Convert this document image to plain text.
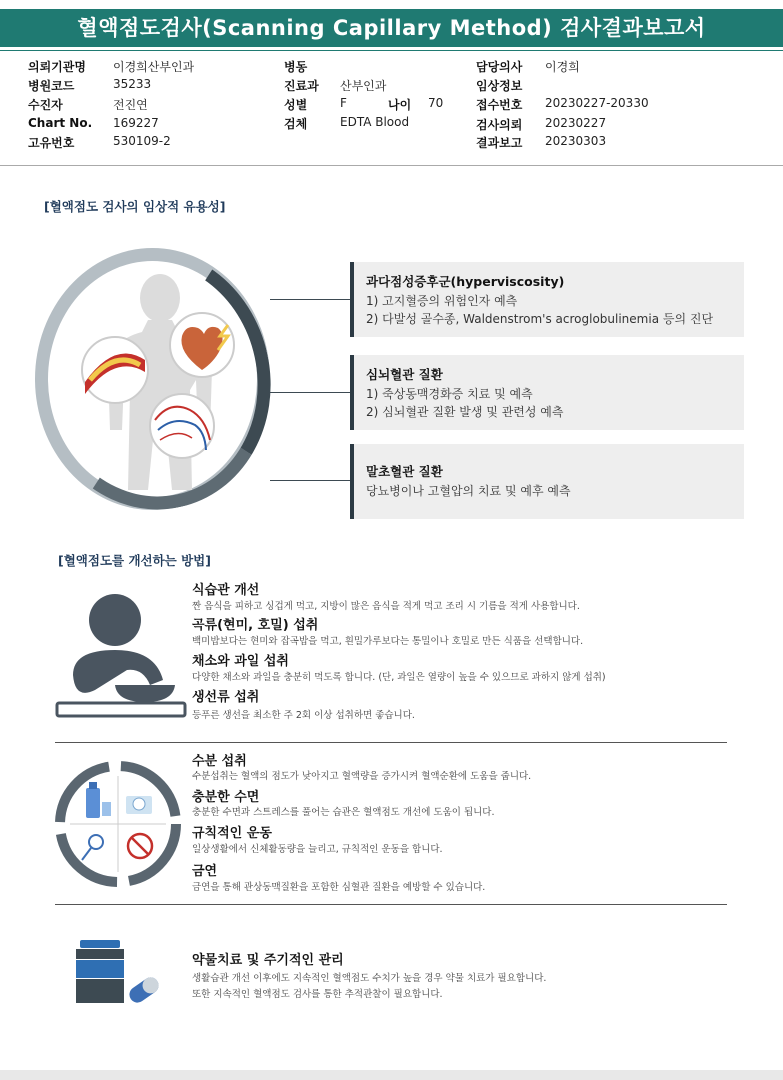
혈액점도검사(Scanning Capillary Method) 검사결과보고서
의뢰기관명 이경희산부인과
병원코드	35233
수진자	전진연
Chart No. 169227
고유번호	530109-2
병동
진료과 산부인과
성별	F	나이 70
검체	EDTA Blood
담당의사 이경희
임상정보
접수번호 20230227-20330
검사의뢰 20230227
결과보고 20230303
[혈액점도 검사의 임상적 유용성]
과다점성증후군(hyperviscosity)
1) 고지혈증의 위험인자 예측
2) 다발성 골수종, Waldenstrom's acroglobulinemia 등의 진단
심뇌혈관 질환
1) 죽상동맥경화증 치료 및 예측
2) 심뇌혈관 질환 발생 및 관련성 예측
말초혈관 질환
당뇨병이나 고혈압의 치료 및 예후 예측
[혈액점도를 개선하는 방법]
식습관 개선
짠 음식을 피하고 싱겁게 먹고, 지방이 많은 음식을 적게 먹고 조리 시 기름을 적게 사용합니다.
곡류(현미, 호밀) 섭취
백미밥보다는 현미와 잡곡밥을 먹고, 흰밀가루보다는 통밀이나 호밀로 만든 식품을 선택합니다.
채소와 과일 섭취
다양한 채소와 과일을 충분히 먹도록 합니다. (단, 과일은 열량이 높을 수 있으므로 과하지 않게 섭취)
생선류 섭취
등푸른 생선을 최소한 주 2회 이상 섭취하면 좋습니다.
수분 섭취
수분섭취는 혈액의 점도가 낮아지고 혈액량을 증가시켜 혈액순환에 도움을 줍니다.
충분한 수면
충분한 수면과 스트레스를 풀어는 습관은 혈액점도 개선에 도움이 됩니다.
규칙적인 운동
일상생활에서 신체활동량을 늘리고, 규칙적인 운동을 합니다.
금연
금연을 통해 관상동맥질환을 포함한 심혈관 질환을 예방할 수 있습니다.
약물치료 및 주기적인 관리
생활습관 개선 이후에도 지속적인 혈액점도 수치가 높을 경우 약물 치료가 필요합니다.
또한 지속적인 혈액점도 검사를 통한 추적관찰이 필요합니다.
